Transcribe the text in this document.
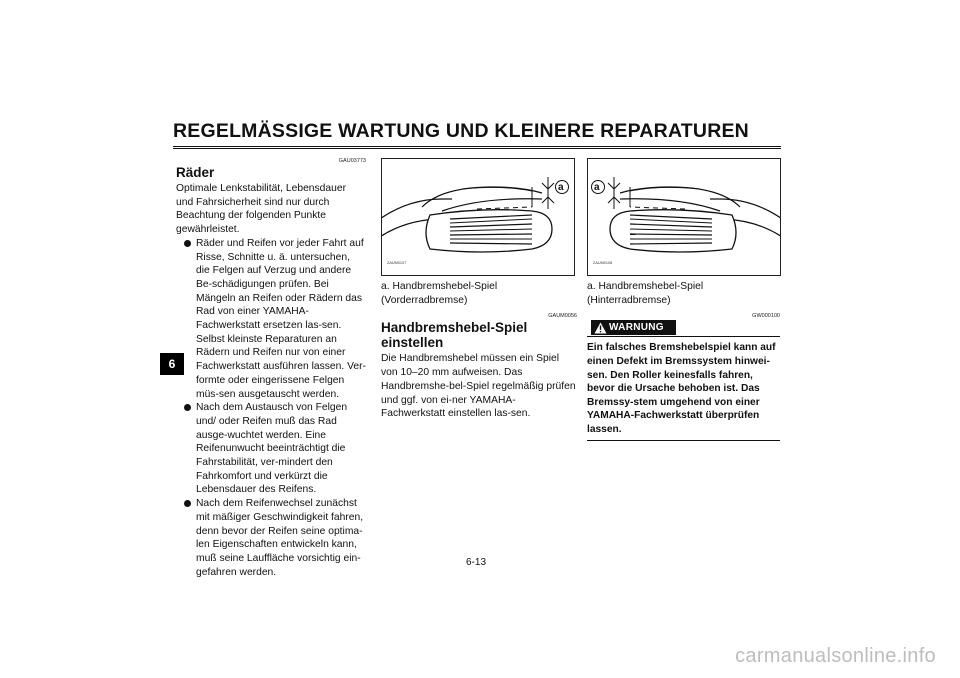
REGELMÄSSIGE WARTUNG UND KLEINERE REPARATUREN
6
GAU03773
Räder

Optimale Lenkstabilität, Lebensdauer und Fahrsicherheit sind nur durch Beachtung der folgenden Punkte gewährleistet.

Räder und Reifen vor jeder Fahrt auf Risse, Schnitte u. ä. untersuchen, die Felgen auf Verzug und andere Be-schädigungen prüfen. Bei Mängeln an Reifen oder Rädern das Rad von einer YAMAHA-Fachwerkstatt ersetzen las-sen. Selbst kleinste Reparaturen an Rädern und Reifen nur von einer Fachwerkstatt ausführen lassen. Ver-formte oder eingerissene Felgen müs-sen ausgetauscht werden.
Nach dem Austausch von Felgen und/ oder Reifen muß das Rad ausge-wuchtet werden. Eine Reifenunwucht beeinträchtigt die Fahrstabilität, ver-mindert den Fahrkomfort und verkürzt die Lebensdauer des Reifens.
Nach dem Reifenwechsel zunächst mit mäßiger Geschwindigkeit fahren, denn bevor der Reifen seine optima-len Eigenschaften entwickeln kann, muß seine Lauffläche vorsichtig ein-gefahren werden.
a
ZAUM0107
a. Handbremshebel-Spiel (Vorderradbremse)
GAUM0056
Handbremshebel-Spiel einstellen

Die Handbremshebel müssen ein Spiel von 10–20 mm aufweisen. Das Handbremshe-bel-Spiel regelmäßig prüfen und ggf. von ei-ner YAMAHA-Fachwerkstatt einstellen las-sen.

a
ZAUM0108
a. Handbremshebel-Spiel (Hinterradbremse)
GW000100
WARNUNG
Ein falsches Bremshebelspiel kann auf einen Defekt im Bremssystem hinwei-sen. Den Roller keinesfalls fahren, bevor die Ursache behoben ist. Das Bremssy-stem umgehend von einer YAMAHA-Fachwerkstatt überprüfen lassen.
6-13
carmanualsonline.info
